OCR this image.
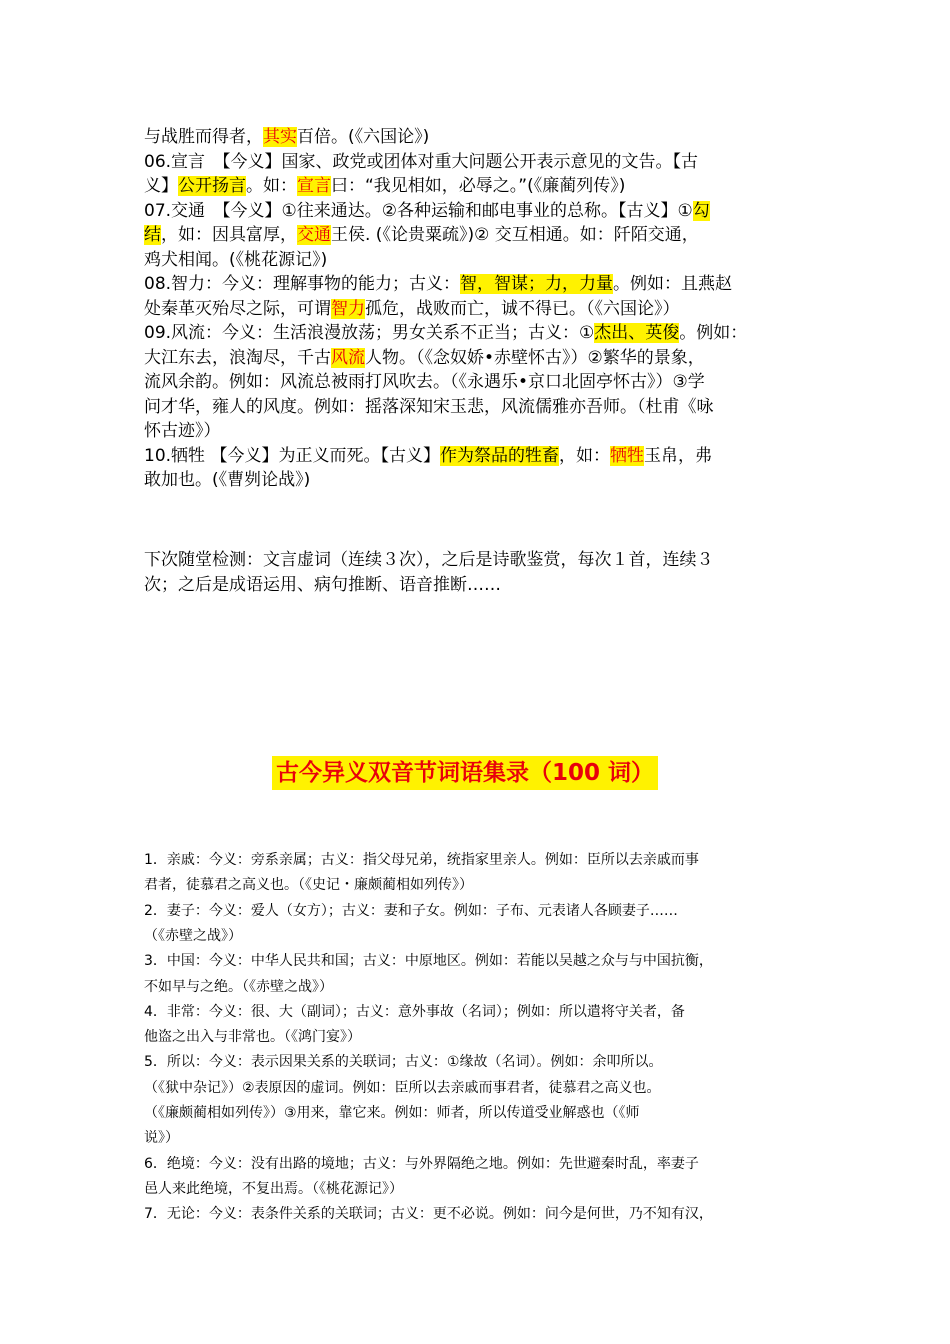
与战胜而得者，其实百倍。(《六国论》)
06.宣言　【今义】国家、政党或团体对重大问题公开表示意见的文告。【古
义】公开扬言。如：宣言曰：“我见相如，必辱之。”(《廉蔺列传》)
07.交通　【今义】①往来通达。②各种运输和邮电事业的总称。【古义】①勾
结，如：因具富厚，交通王侯. (《论贵粟疏》)② 交互相通。如：阡陌交通，
鸡犬相闻。(《桃花源记》)
08.智力：今义：理解事物的能力；古义：智，智谋；力，力量。例如：且燕赵
处秦革灭殆尽之际，可谓智力孤危，战败而亡，诚不得已。（《六国论》）
09.风流：今义：生活浪漫放荡；男女关系不正当；古义：①杰出、英俊。例如：
大江东去，浪淘尽，千古风流人物。（《念奴娇•赤壁怀古》）②繁华的景象，
流风余韵。例如：风流总被雨打风吹去。（《永遇乐•京口北固亭怀古》）③学
问才华，雍人的风度。例如：摇落深知宋玉悲，风流儒雅亦吾师。（杜甫《咏
怀古迹》）
10.牺牲 【今义】为正义而死。【古义】作为祭品的牲畜，如：牺牲玉帛，弗
敢加也。(《曹刿论战》)
下次随堂检测：文言虚词（连续３次），之后是诗歌鉴赏，每次１首，连续３
次；之后是成语运用、病句推断、语音推断……
古今异义双音节词语集录（100 词）
1．亲戚：今义：旁系亲属；古义：指父母兄弟，统指家里亲人。例如：臣所以去亲戚而事
君者，徒慕君之高义也。（《史记・廉颇蔺相如列传》）
2．妻子：今义：爱人（女方）；古义：妻和子女。例如：子布、元表诸人各顾妻子……
（《赤壁之战》）
3．中国：今义：中华人民共和国；古义：中原地区。例如：若能以吴越之众与与中国抗衡，
不如早与之绝。（《赤壁之战》）
4．非常：今义：很、大（副词）；古义：意外事故（名词）；例如：所以遣将守关者，备
他盗之出入与非常也。（《鸿门宴》）
5．所以：今义：表示因果关系的关联词；古义：①缘故（名词）。例如：余叩所以。
（《狱中杂记》）②表原因的虚词。例如：臣所以去亲戚而事君者，徒慕君之高义也。
（《廉颇蔺相如列传》）③用来，靠它来。例如：师者，所以传道受业解惑也（《师
说》）
6．绝境：今义：没有出路的境地；古义：与外界隔绝之地。例如：先世避秦时乱，率妻子
邑人来此绝境，不复出焉。（《桃花源记》）
7．无论：今义：表条件关系的关联词；古义：更不必说。例如：问今是何世，乃不知有汉，
